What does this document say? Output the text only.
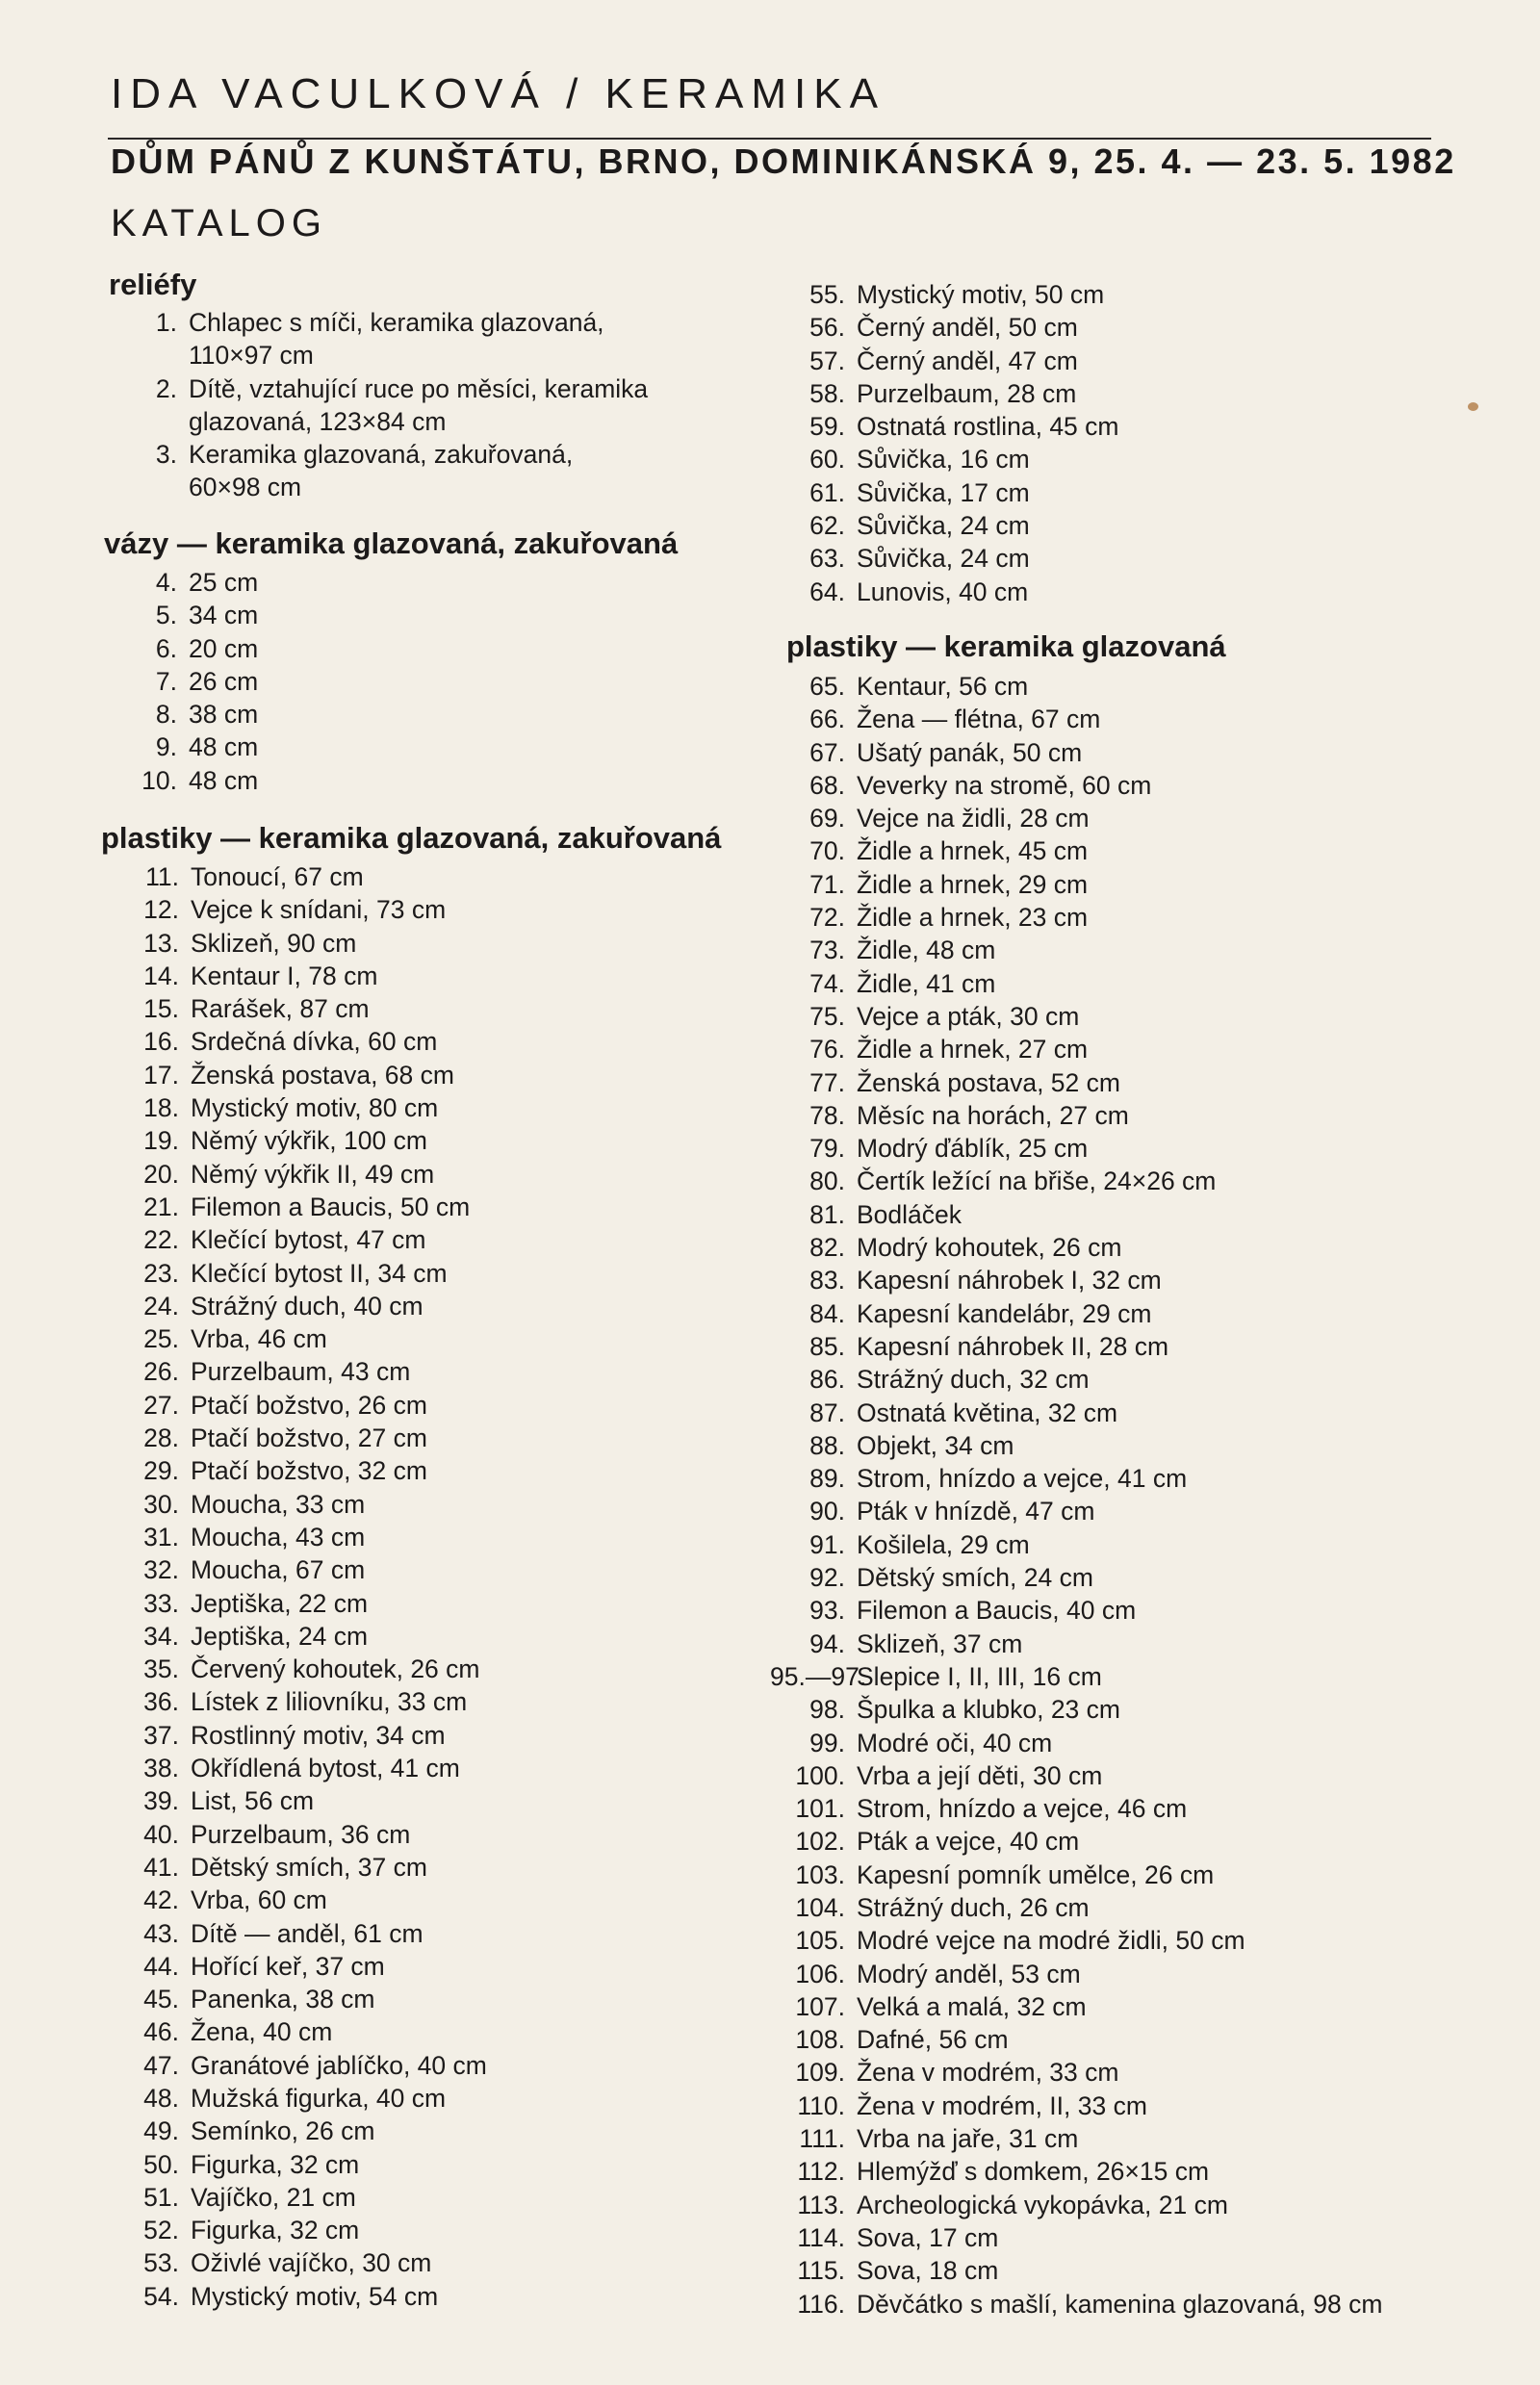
IDA VACULKOVÁ / KERAMIKA
DŮM PÁNŮ Z KUNŠTÁTU, BRNO, DOMINIKÁNSKÁ 9, 25. 4. — 23. 5. 1982
KATALOG
reliéfy
1. Chlapec s míči, keramika glazovaná,
110×97 cm
2. Dítě, vztahující ruce po měsíci, keramika
glazovaná, 123×84 cm
3. Keramika glazovaná, zakuřovaná,
60×98 cm
vázy — keramika glazovaná, zakuřovaná
4. 25 cm
5. 34 cm
6. 20 cm
7. 26 cm
8. 38 cm
9. 48 cm
10. 48 cm
plastiky — keramika glazovaná, zakuřovaná
11. Tonoucí, 67 cm
12. Vejce k snídani, 73 cm
13. Sklizeň, 90 cm
14. Kentaur I, 78 cm
15. Rarášek, 87 cm
16. Srdečná dívka, 60 cm
17. Ženská postava, 68 cm
18. Mystický motiv, 80 cm
19. Němý výkřik, 100 cm
20. Němý výkřik II, 49 cm
21. Filemon a Baucis, 50 cm
22. Klečící bytost, 47 cm
23. Klečící bytost II, 34 cm
24. Strážný duch, 40 cm
25. Vrba, 46 cm
26. Purzelbaum, 43 cm
27. Ptačí božstvo, 26 cm
28. Ptačí božstvo, 27 cm
29. Ptačí božstvo, 32 cm
30. Moucha, 33 cm
31. Moucha, 43 cm
32. Moucha, 67 cm
33. Jeptiška, 22 cm
34. Jeptiška, 24 cm
35. Červený kohoutek, 26 cm
36. Lístek z liliovníku, 33 cm
37. Rostlinný motiv, 34 cm
38. Okřídlená bytost, 41 cm
39. List, 56 cm
40. Purzelbaum, 36 cm
41. Dětský smích, 37 cm
42. Vrba, 60 cm
43. Dítě — anděl, 61 cm
44. Hořící keř, 37 cm
45. Panenka, 38 cm
46. Žena, 40 cm
47. Granátové jablíčko, 40 cm
48. Mužská figurka, 40 cm
49. Semínko, 26 cm
50. Figurka, 32 cm
51. Vajíčko, 21 cm
52. Figurka, 32 cm
53. Oživlé vajíčko, 30 cm
54. Mystický motiv, 54 cm
55. Mystický motiv, 50 cm
56. Černý anděl, 50 cm
57. Černý anděl, 47 cm
58. Purzelbaum, 28 cm
59. Ostnatá rostlina, 45 cm
60. Sůvička, 16 cm
61. Sůvička, 17 cm
62. Sůvička, 24 cm
63. Sůvička, 24 cm
64. Lunovis, 40 cm
plastiky — keramika glazovaná
65. Kentaur, 56 cm
66. Žena — flétna, 67 cm
67. Ušatý panák, 50 cm
68. Veverky na stromě, 60 cm
69. Vejce na židli, 28 cm
70. Židle a hrnek, 45 cm
71. Židle a hrnek, 29 cm
72. Židle a hrnek, 23 cm
73. Židle, 48 cm
74. Židle, 41 cm
75. Vejce a pták, 30 cm
76. Židle a hrnek, 27 cm
77. Ženská postava, 52 cm
78. Měsíc na horách, 27 cm
79. Modrý ďáblík, 25 cm
80. Čertík ležící na břiše, 24×26 cm
81. Bodláček
82. Modrý kohoutek, 26 cm
83. Kapesní náhrobek I, 32 cm
84. Kapesní kandelábr, 29 cm
85. Kapesní náhrobek II, 28 cm
86. Strážný duch, 32 cm
87. Ostnatá květina, 32 cm
88. Objekt, 34 cm
89. Strom, hnízdo a vejce, 41 cm
90. Pták v hnízdě, 47 cm
91. Košilela, 29 cm
92. Dětský smích, 24 cm
93. Filemon a Baucis, 40 cm
94. Sklizeň, 37 cm
95.—97.
Slepice I, II, III, 16 cm
98. Špulka a klubko, 23 cm
99. Modré oči, 40 cm
100. Vrba a její děti, 30 cm
101. Strom, hnízdo a vejce, 46 cm
102. Pták a vejce, 40 cm
103. Kapesní pomník umělce, 26 cm
104. Strážný duch, 26 cm
105. Modré vejce na modré židli, 50 cm
106. Modrý anděl, 53 cm
107. Velká a malá, 32 cm
108. Dafné, 56 cm
109. Žena v modrém, 33 cm
110. Žena v modrém, II, 33 cm
111. Vrba na jaře, 31 cm
112. Hlemýžď s domkem, 26×15 cm
113. Archeologická vykopávka, 21 cm
114. Sova, 17 cm
115. Sova, 18 cm
116. Děvčátko s mašlí, kamenina glazovaná, 98 cm
